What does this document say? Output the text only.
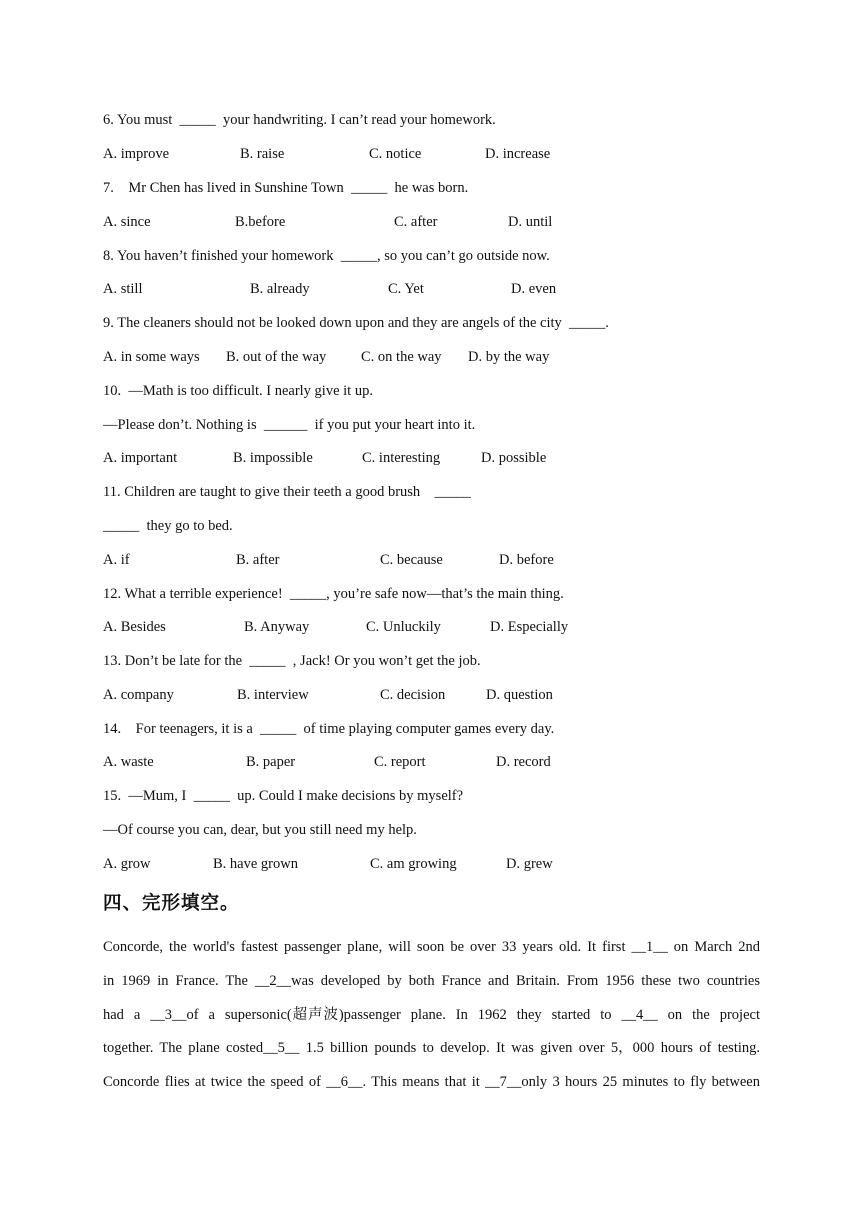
6. You must  _____  your handwriting. I can’t read your homework.
A. improve	B. raise	C. notice	D. increase
7.    Mr Chen has lived in Sunshine Town  _____  he was born.
A. since	B.before	C. after	D. until
8. You haven’t finished your homework  _____, so you can’t go outside now.
A. still	B. already	C. Yet	D. even
9. The cleaners should not be looked down upon and they are angels of the city  _____.
A. in some ways B. out of the way C. on the way D. by the way
10.  —Math is too difficult. I nearly give it up.
—Please don’t. Nothing is  ______  if you put your heart into it.
A. important	B. impossible	C. interesting	D. possible
11. Children are taught to give their teeth a good brush    _____
_____  they go to bed.
A. if	B. after	C. because	D. before
12. What a terrible experience!  _____, you’re safe now—that’s the main thing.
A. Besides	B. Anyway	C. Unluckily	D. Especially
13. Don’t be late for the  _____  , Jack! Or you won’t get the job.
A. company	B. interview	C. decision	D. question
14.    For teenagers, it is a  _____  of time playing computer games every day.
A. waste	B. paper	C. report	D. record
15.  —Mum, I  _____  up. Could I make decisions by myself?
—Of course you can, dear, but you still need my help.
A. grow	B. have grown	C. am growing	D. grew
四、完形填空。
Concorde, the world's fastest passenger plane, will soon be over 33 years old. It first __1__ on March 2nd
in 1969 in France. The __2__was developed by both France and Britain. From 1956 these two countries
had a __3__of a supersonic(超声波)passenger plane. In 1962 they started to __4__ on the project
together. The plane costed__5__ 1.5 billion pounds to develop. It was given over 5，000 hours of testing.
Concorde flies at twice the speed of __6__. This means that it __7__only 3 hours 25 minutes to fly between
